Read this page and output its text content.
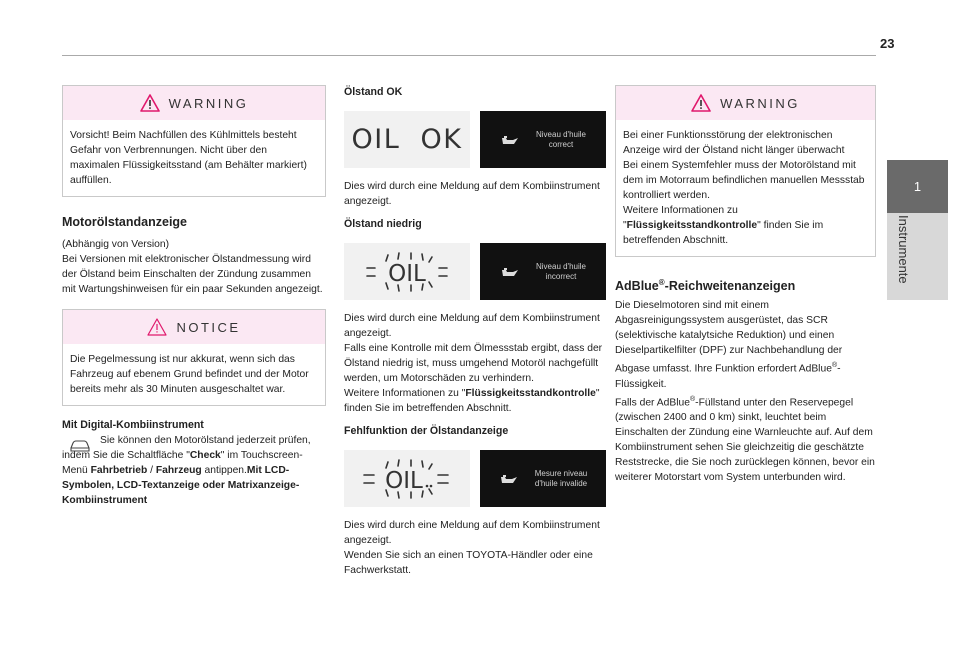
23
1
Instrumente
WARNING

Vorsicht! Beim Nachfüllen des Kühlmittels besteht Gefahr von Verbrennungen. Nicht über den maximalen Flüssigkeitsstand (am Behälter markiert) auffüllen.

Motorölstandanzeige

(Abhängig von Version)

Bei Versionen mit elektronischer Ölstandmessung wird der Ölstand beim Einschalten der Zündung zusammen mit Wartungshinweisen für ein paar Sekunden angezeigt.

NOTICE

Die Pegelmessung ist nur akkurat, wenn sich das Fahrzeug auf ebenem Grund befindet und der Motor bereits mehr als 30 Minuten ausgeschaltet war.

Mit Digital-Kombiinstrument

Sie können den Motorölstand jederzeit prüfen, indem Sie die Schaltfläche "Check" im Touchscreen-Menü Fahrbetrieb / Fahrzeug antippen.Mit LCD-Symbolen, LCD-Textanzeige oder Matrixanzeige-Kombiinstrument

Ölstand OK
OIL  OK	Niveau d'huile
correct

Dies wird durch eine Meldung auf dem Kombiinstrument angezeigt.

Ölstand niedrig
OIL	Niveau d'huile
incorrect

Dies wird durch eine Meldung auf dem Kombiinstrument angezeigt.

Falls eine Kontrolle mit dem Ölmessstab ergibt, dass der Ölstand niedrig ist, muss umgehend Motoröl nachgefüllt werden, um Motorschäden zu verhindern.

Weitere Informationen zu "Flüssigkeitsstandkontrolle" finden Sie im betreffenden Abschnitt.

Fehlfunktion der Ölstandanzeige
OIL	Mesure niveau
d'huile invalide

Dies wird durch eine Meldung auf dem Kombiinstrument angezeigt.

Wenden Sie sich an einen TOYOTA-Händler oder eine Fachwerkstatt.

WARNING

Bei einer Funktionsstörung der elektronischen Anzeige wird der Ölstand nicht länger überwacht

Bei einem Systemfehler muss der Motorölstand mit dem im Motorraum befindlichen manuellen Messstab kontrolliert werden.

Weitere Informationen zu

"Flüssigkeitsstandkontrolle" finden Sie im betreffenden Abschnitt.

AdBlue®-Reichweitenanzeigen

Die Dieselmotoren sind mit einem Abgasreinigungssystem ausgerüstet, das SCR (selektivische katalytsiche Reduktion) und einen Dieselpartikelfilter (DPF) zur Nachbehandlung der Abgase umfasst. Ihre Funktion erfordert AdBlue®-Flüssigkeit.

Falls der AdBlue®-Füllstand unter den Reservepegel (zwischen 2400 and 0 km) sinkt, leuchtet beim Einschalten der Zündung eine Warnleuchte auf. Auf dem Kombiinstrument sehen Sie gleichzeitig die geschätzte Reststrecke, die Sie noch zurücklegen können, bevor ein weiterer Motorstart vom System unterbunden wird.
